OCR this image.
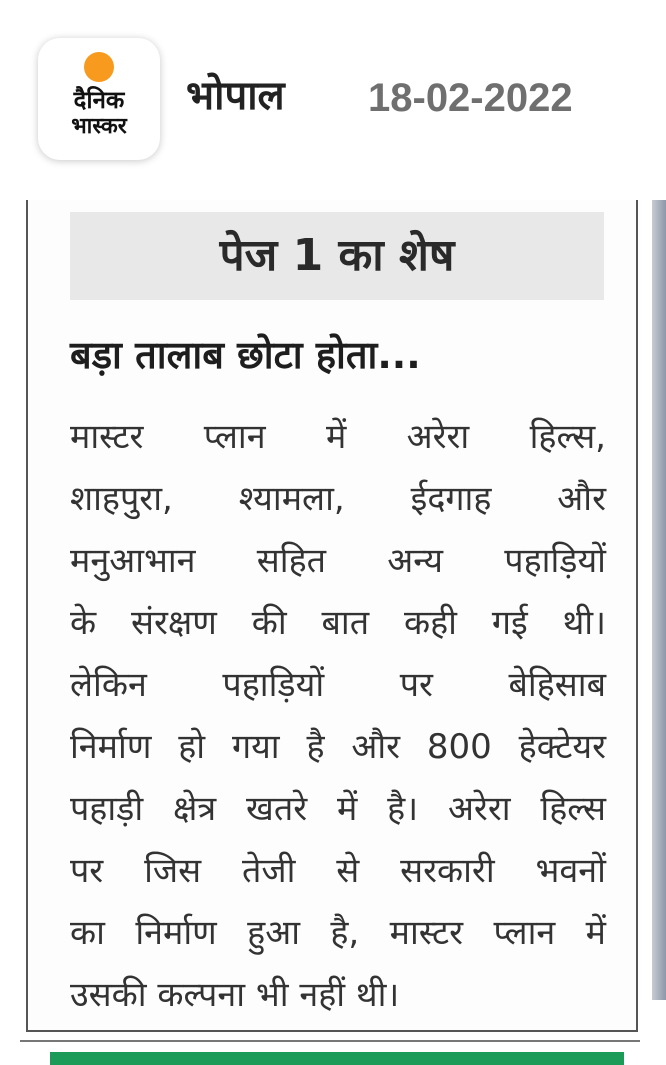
दैनिक
भास्कर
भोपाल 18-02-2022
पेज 1 का शेष
बड़ा तालाब छोटा होता...
मास्टर प्लान में अरेरा हिल्स,
शाहपुरा, श्यामला, ईदगाह और
मनुआभान सहित अन्य पहाड़ियों
के संरक्षण की बात कही गई थी।
लेकिन पहाड़ियों पर बेहिसाब
निर्माण हो गया है और 800 हेक्टेयर
पहाड़ी क्षेत्र खतरे में है। अरेरा हिल्स
पर जिस तेजी से सरकारी भवनों
का निर्माण हुआ है, मास्टर प्लान में
उसकी कल्पना भी नहीं थी।
